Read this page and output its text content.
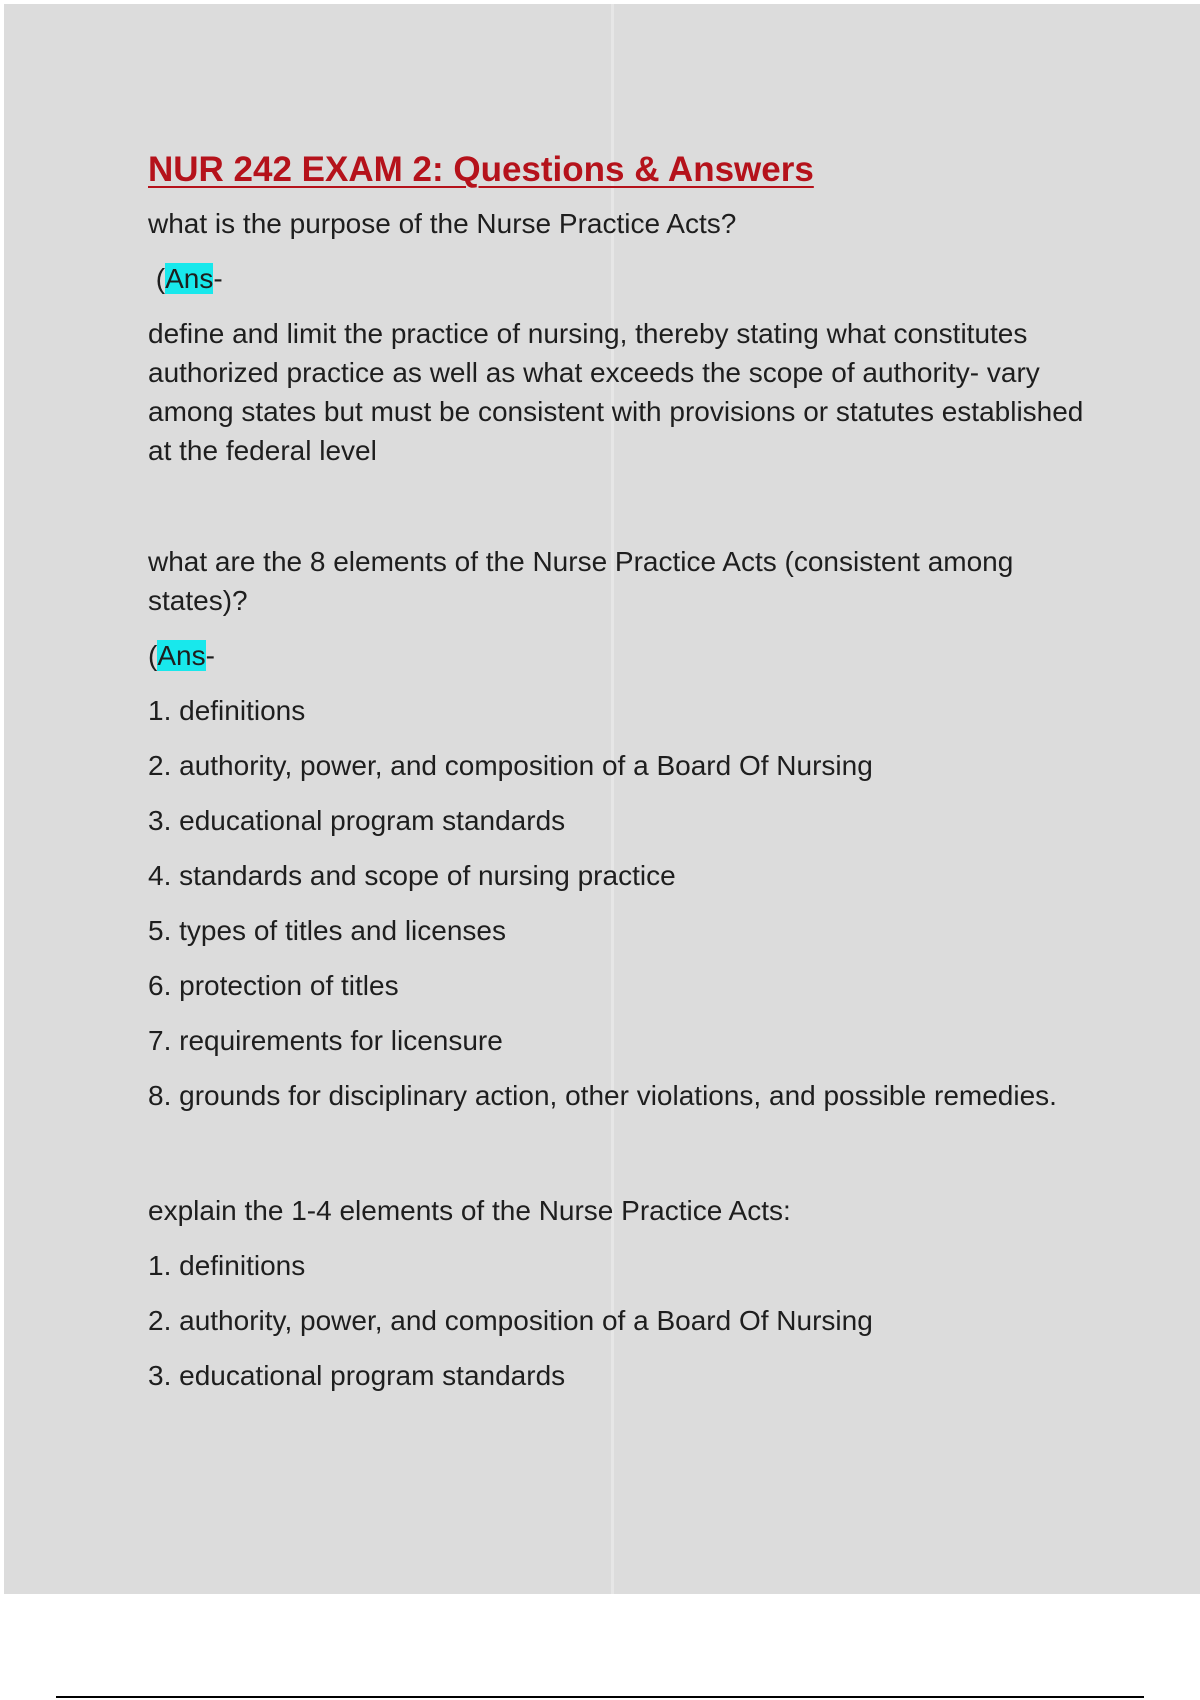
NUR 242 EXAM 2: Questions & Answers

what is the purpose of the Nurse Practice Acts?

(Ans-

define and limit the practice of nursing, thereby stating what constitutes authorized practice as well as what exceeds the scope of authority- vary among states but must be consistent with provisions or statutes established at the federal level

what are the 8 elements of the Nurse Practice Acts (consistent among states)?

(Ans-

1. definitions
2. authority, power, and composition of a Board Of Nursing
3. educational program standards
4. standards and scope of nursing practice
5. types of titles and licenses
6. protection of titles
7. requirements for licensure
8. grounds for disciplinary action, other violations, and possible remedies.

explain the 1-4 elements of the Nurse Practice Acts:

1. definitions
2. authority, power, and composition of a Board Of Nursing
3. educational program standards
